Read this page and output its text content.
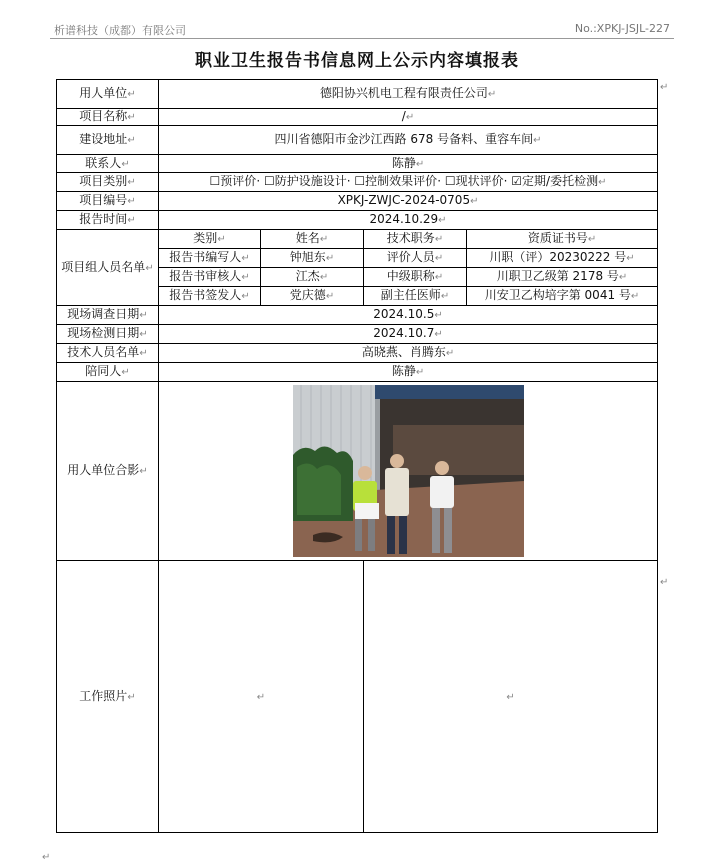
析谱科技（成都）有限公司	No.:XPKJ-JSJL-227
职业卫生报告书信息网上公示内容填报表
用人单位↵	德阳协兴机电工程有限责任公司↵			
项目名称↵	/↵			
建设地址↵	四川省德阳市金沙江西路 678 号备料、重容车间↵			
联系人↵	陈静↵			
项目类别↵	☐预评价· ☐防护设施设计· ☐控制效果评价· ☐现状评价· ☑定期/委托检测↵			
项目编号↵	XPKJ-ZWJC-2024-0705↵			
报告时间↵	2024.10.29↵			
项目组人员名单↵	类别↵	姓名↵	技术职务↵	资质证书号↵
	报告书编写人↵	钟旭东↵	评价人员↵	川职（评）20230222 号↵
	报告书审核人↵	江杰↵	中级职称↵	川职卫乙级第 2178 号↵
	报告书签发人↵	党庆德↵	副主任医师↵	川安卫乙构培字第 0041 号↵
现场调查日期↵	2024.10.5↵			
现场检测日期↵	2024.10.7↵			
技术人员名单↵	高晓燕、肖腾东↵			
陪同人↵	陈静↵			
用人单位合影↵	

工作照片↵	↵		↵	
↵
↵
↵
